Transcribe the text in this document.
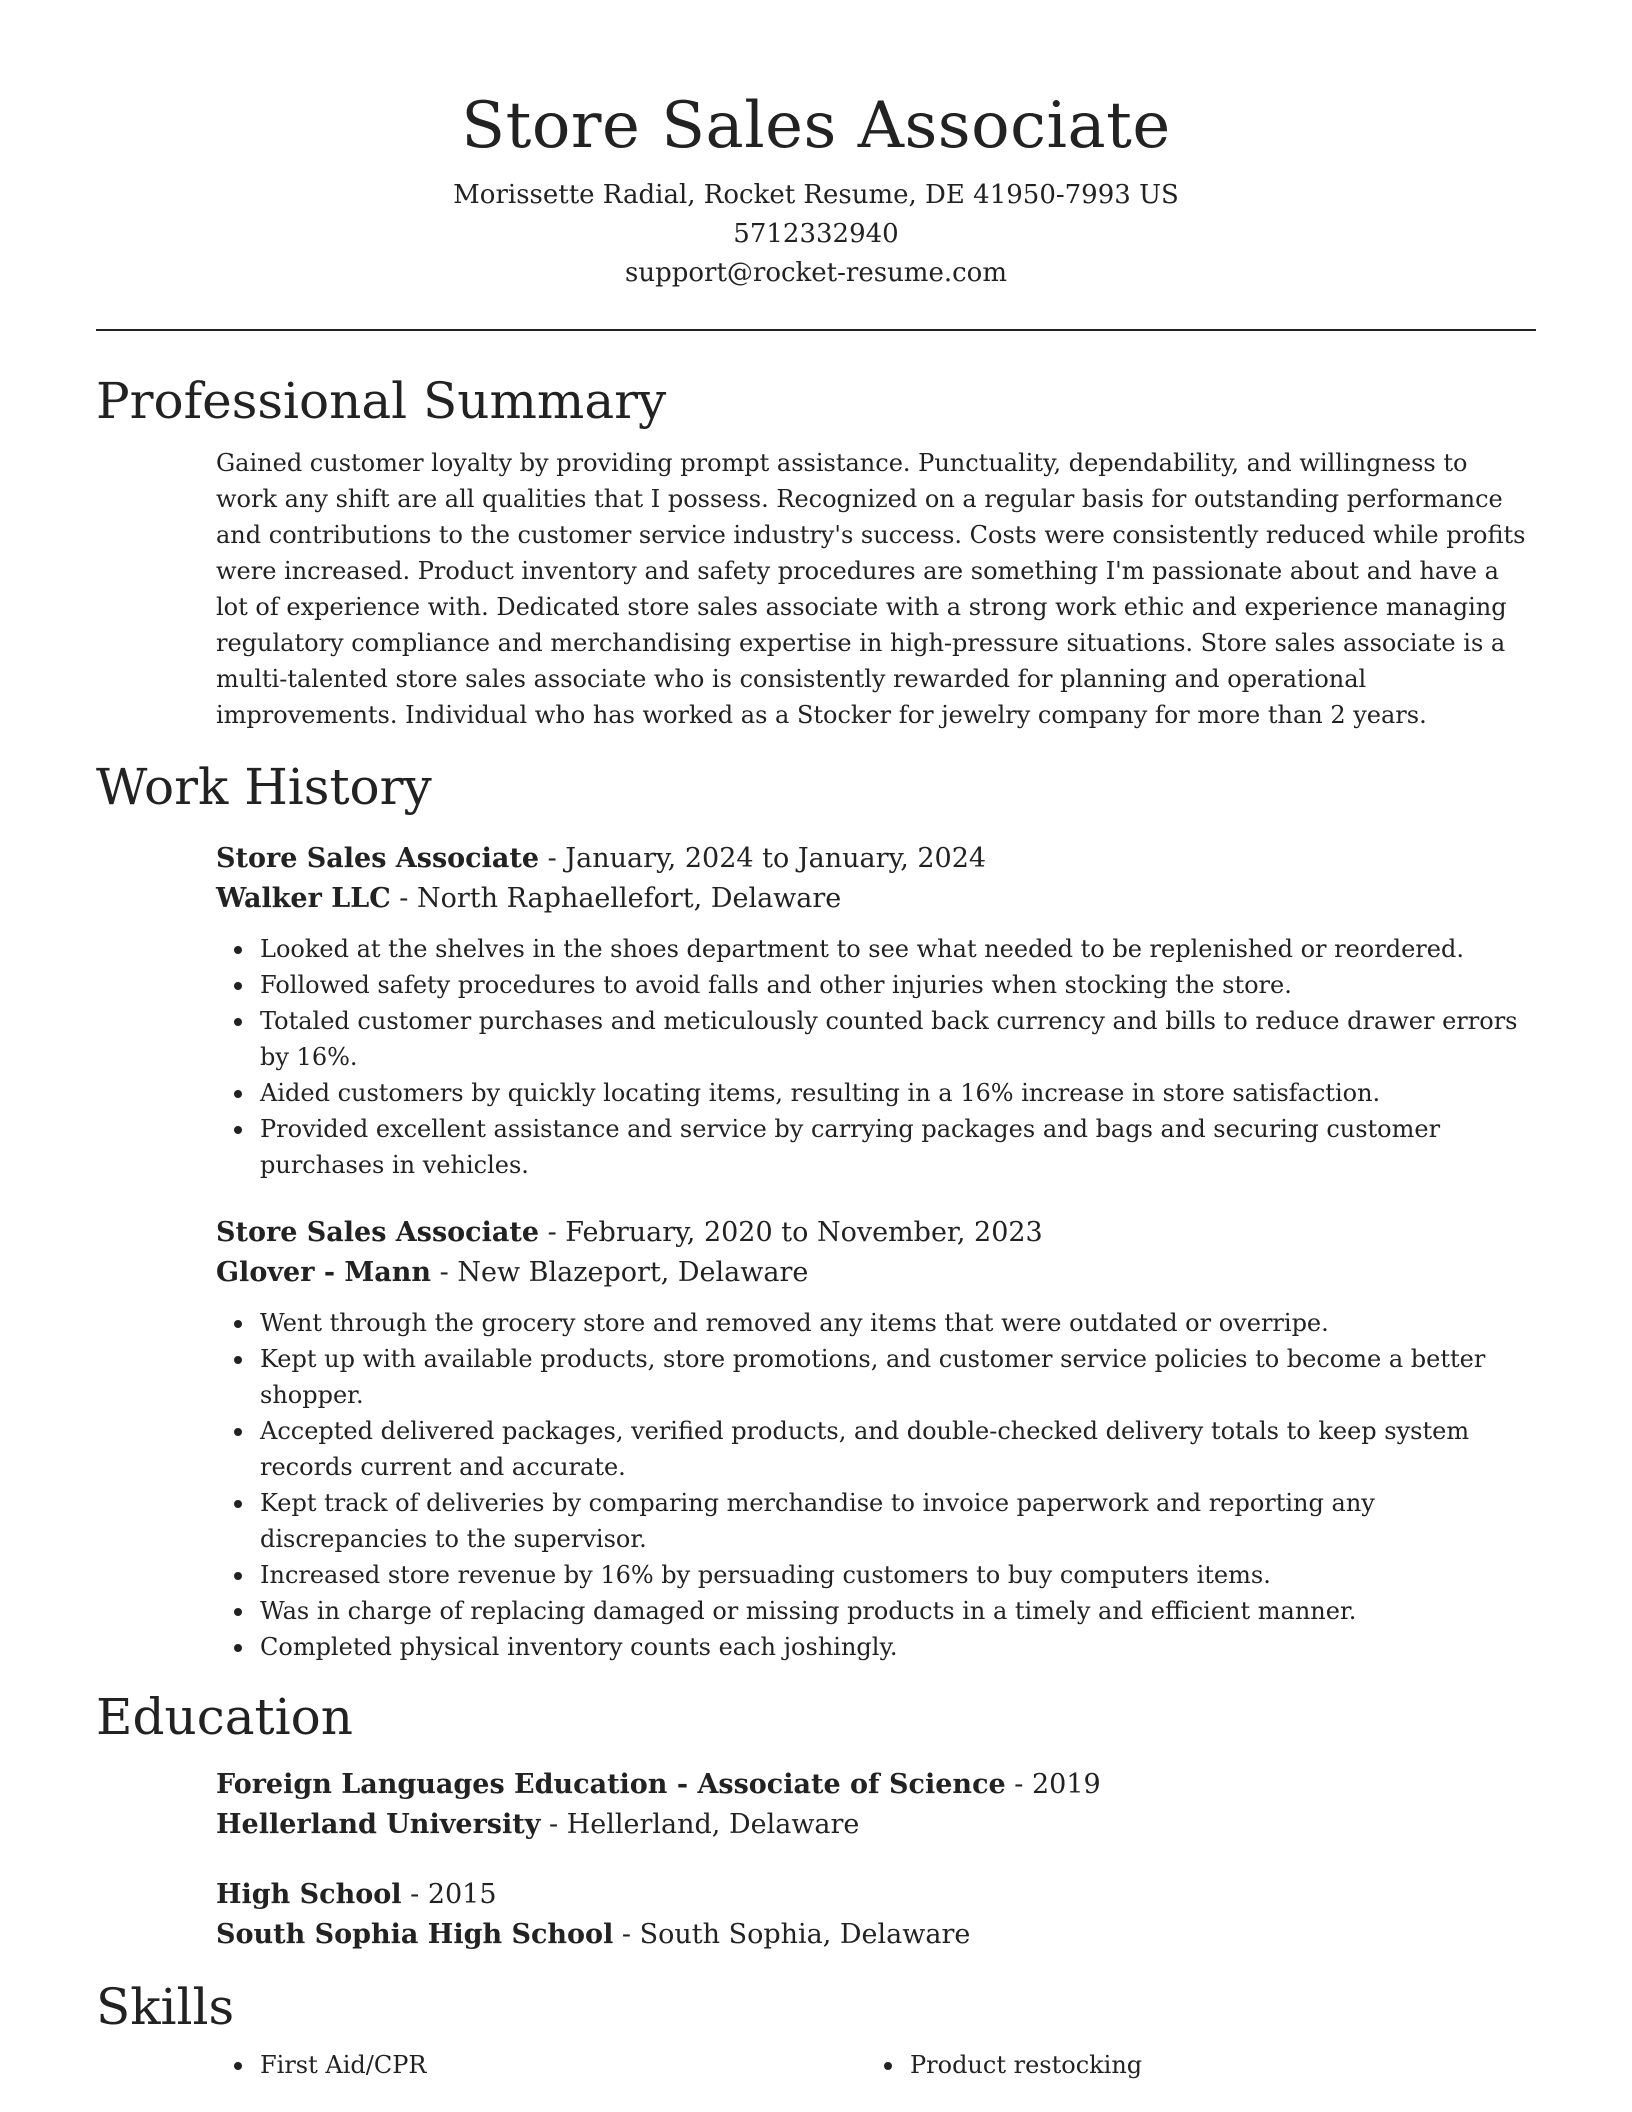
Store Sales Associate
Morissette Radial, Rocket Resume, DE 41950-7993 US
5712332940
support@rocket-resume.com
Professional Summary

Gained customer loyalty by providing prompt assistance. Punctuality, dependability, and willingness to work any shift are all qualities that I possess. Recognized on a regular basis for outstanding performance and contributions to the customer service industry's success. Costs were consistently reduced while profits were increased. Product inventory and safety procedures are something I'm passionate about and have a lot of experience with. Dedicated store sales associate with a strong work ethic and experience managing regulatory compliance and merchandising expertise in high-pressure situations. Store sales associate is a multi-talented store sales associate who is consistently rewarded for planning and operational improvements. Individual who has worked as a Stocker for jewelry company for more than 2 years.

Work History
Store Sales Associate - January, 2024 to January, 2024
Walker LLC - North Raphaellefort, Delaware
Looked at the shelves in the shoes department to see what needed to be replenished or reordered.
Followed safety procedures to avoid falls and other injuries when stocking the store.
Totaled customer purchases and meticulously counted back currency and bills to reduce drawer errors by 16%.
Aided customers by quickly locating items, resulting in a 16% increase in store satisfaction.
Provided excellent assistance and service by carrying packages and bags and securing customer purchases in vehicles.
Store Sales Associate - February, 2020 to November, 2023
Glover - Mann - New Blazeport, Delaware
Went through the grocery store and removed any items that were outdated or overripe.
Kept up with available products, store promotions, and customer service policies to become a better shopper.
Accepted delivered packages, verified products, and double-checked delivery totals to keep system records current and accurate.
Kept track of deliveries by comparing merchandise to invoice paperwork and reporting any discrepancies to the supervisor.
Increased store revenue by 16% by persuading customers to buy computers items.
Was in charge of replacing damaged or missing products in a timely and efficient manner.
Completed physical inventory counts each joshingly.
Education
Foreign Languages Education - Associate of Science - 2019
Hellerland University - Hellerland, Delaware
High School - 2015
South Sophia High School - South Sophia, Delaware
Skills
First Aid/CPR	Product restocking
